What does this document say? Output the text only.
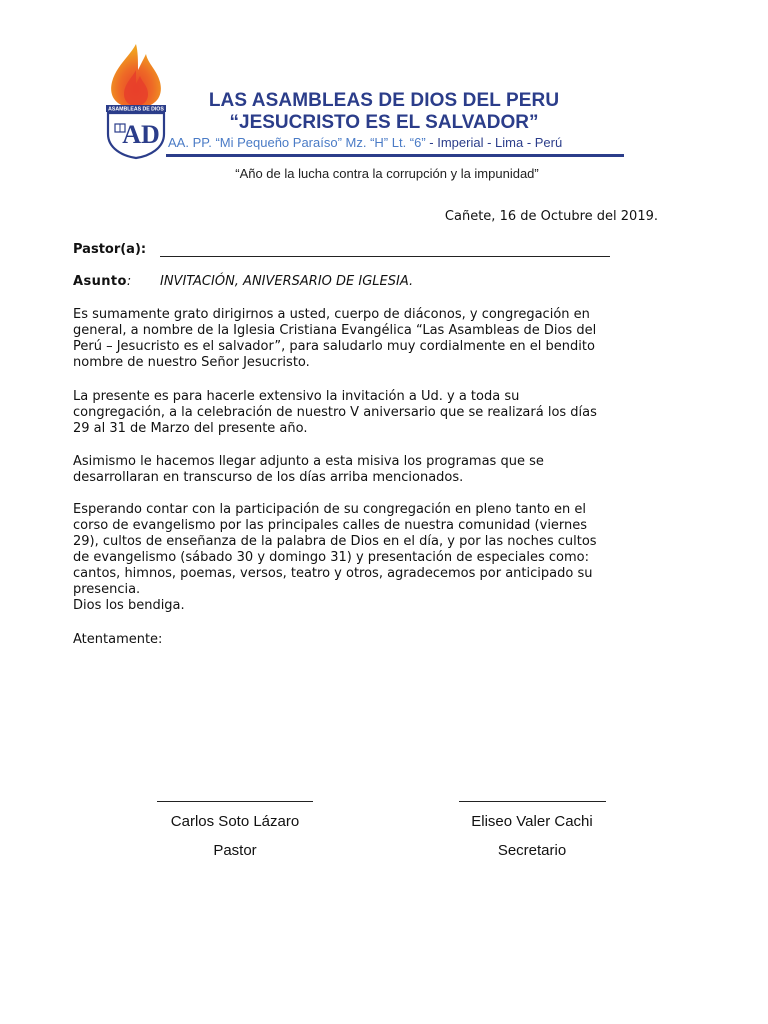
ASAMBLEAS DE DIOS
AD
LAS ASAMBLEAS DE DIOS DEL PERU
“JESUCRISTO ES EL SALVADOR”
AA. PP. “Mi Pequeño Paraíso” Mz. “H” Lt. “6” - Imperial - Lima - Perú
“Año de la lucha contra la corrupción y la impunidad”
Cañete, 16 de Octubre del 2019.
Pastor(a):
Asunto: INVITACIÓN, ANIVERSARIO DE IGLESIA.
Es sumamente grato dirigirnos a usted, cuerpo de diáconos, y congregación en
general, a nombre de la Iglesia Cristiana Evangélica “Las Asambleas de Dios del
Perú – Jesucristo es el salvador”, para saludarlo muy cordialmente en el bendito
nombre de nuestro Señor Jesucristo.
La presente es para hacerle extensivo la invitación a Ud. y a toda su
congregación, a la celebración de nuestro V aniversario que se realizará los días
29 al 31 de Marzo del presente año.
Asimismo le hacemos llegar adjunto a esta misiva los programas que se
desarrollaran en transcurso de los días arriba mencionados.
Esperando contar con la participación de su congregación en pleno tanto en el
corso de evangelismo por las principales calles de nuestra comunidad (viernes
29), cultos de enseñanza de la palabra de Dios en el día, y por las noches cultos
de evangelismo (sábado 30 y domingo 31) y presentación de especiales como:
cantos, himnos, poemas, versos, teatro y otros, agradecemos por anticipado su
presencia.
Dios los bendiga.
Atentamente:
Carlos Soto Lázaro
Pastor
Eliseo Valer Cachi
Secretario
